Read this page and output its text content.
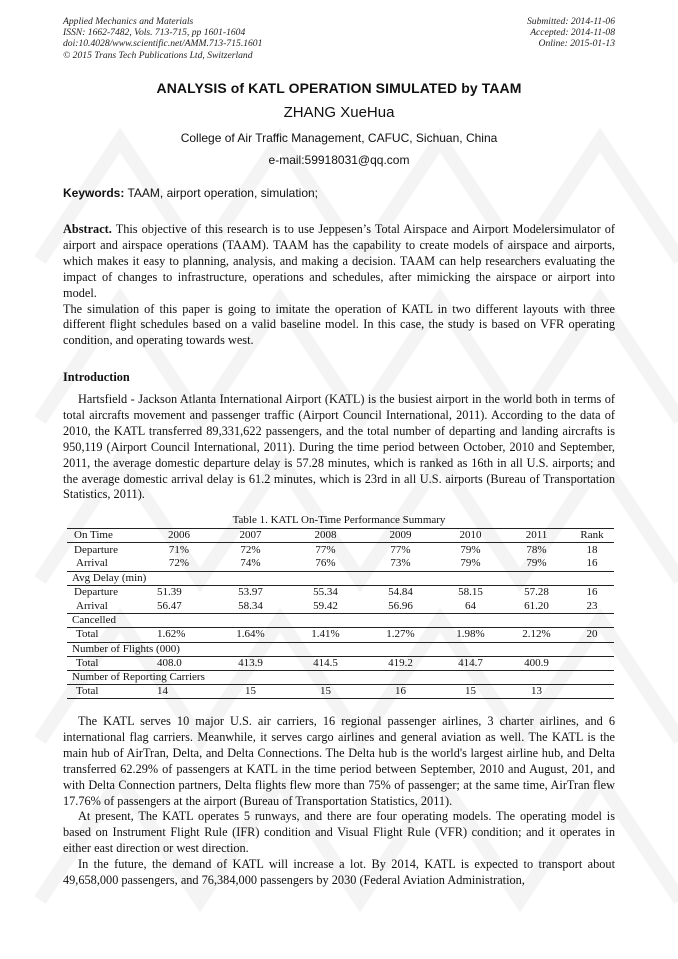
Applied Mechanics and Materials
ISSN: 1662-7482, Vols. 713-715, pp 1601-1604
doi:10.4028/www.scientific.net/AMM.713-715.1601
© 2015 Trans Tech Publications Ltd, Switzerland
Submitted: 2014-11-06
Accepted: 2014-11-08
Online: 2015-01-13
ANALYSIS of KATL OPERATION SIMULATED by TAAM
ZHANG XueHua
College of Air Traffic Management, CAFUC, Sichuan, China
e-mail:59918031@qq.com
Keywords: TAAM, airport operation, simulation;

Abstract. This objective of this research is to use Jeppesen’s Total Airspace and Airport Modelersimulator of airport and airspace operations (TAAM). TAAM has the capability to create models of airspace and airports, which makes it easy to planning, analysis, and making a decision. TAAM can help researchers evaluating the impact of changes to infrastructure, operations and schedules, after mimicking the airspace or airport into model.

The simulation of this paper is going to imitate the operation of KATL in two different layouts with three different flight schedules based on a valid baseline model. In this case, the study is based on VFR operating condition, and operating towards west.

Introduction

Hartsfield - Jackson Atlanta International Airport (KATL) is the busiest airport in the world both in terms of total aircrafts movement and passenger traffic (Airport Council International, 2011). According to the data of 2010, the KATL transferred 89,331,622 passengers, and the total number of departing and landing aircrafts is 950,119 (Airport Council International, 2011). During the time period between October, 2010 and September, 2011, the average domestic departure delay is 57.28 minutes, which is ranked as 16th in all U.S. airports; and the average domestic arrival delay is 61.2 minutes, which is 23rd in all U.S. airports (Bureau of Transportation Statistics, 2011).

Table 1. KATL On-Time Performance Summary
On Time	2006	2007	2008	2009	2010	2011	Rank
Departure	71%	72%	77%	77%	79%	78%	18
Arrival	72%	74%	76%	73%	79%	79%	16
Avg Delay (min)							
Departure	51.39	53.97	55.34	54.84	58.15	57.28	16
Arrival	56.47	58.34	59.42	56.96	64	61.20	23
Cancelled							
Total	1.62%	1.64%	1.41%	1.27%	1.98%	2.12%	20
Number of Flights (000)							
Total	408.0	413.9	414.5	419.2	414.7	400.9	
Number of Reporting Carriers							
Total	14	15	15	16	15	13	

The KATL serves 10 major U.S. air carriers, 16 regional passenger airlines, 3 charter airlines, and 6 international flag carriers. Meanwhile, it serves cargo airlines and general aviation as well. The KATL is the main hub of AirTran, Delta, and Delta Connections. The Delta hub is the world's largest airline hub, and Delta transferred 62.29% of passengers at KATL in the time period between September, 2010 and August, 201, and with Delta Connection partners, Delta flights flew more than 75% of passenger; at the same time, AirTran flew 17.76% of passengers at the airport (Bureau of Transportation Statistics, 2011).

At present, The KATL operates 5 runways, and there are four operating models. The operating model is based on Instrument Flight Rule (IFR) condition and Visual Flight Rule (VFR) condition; and it operates in either east direction or west direction.

In the future, the demand of KATL will increase a lot. By 2014, KATL is expected to transport about 49,658,000 passengers, and 76,384,000 passengers by 2030 (Federal Aviation Administration,
